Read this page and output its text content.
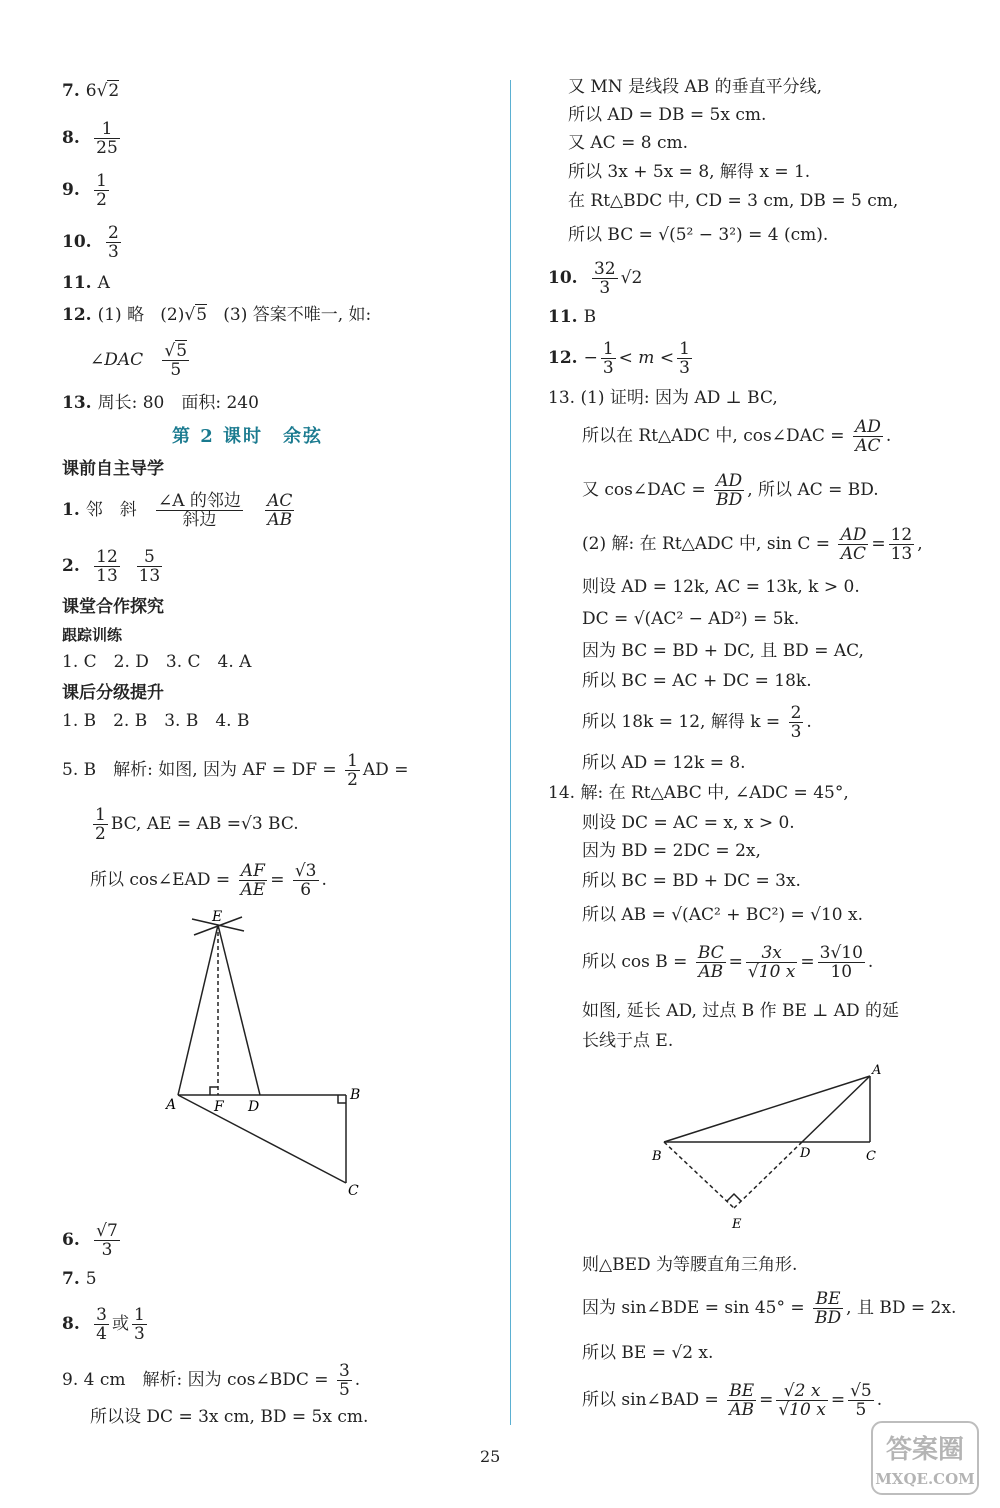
7. 6√2
8. $\frac{1}{25}$
9. $\frac{1}{2}$
10. $\frac{2}{3}$
11. A
12. (1) 略 (2)√5 (3) 答案不唯一, 如:
∠DAC $\frac{√5}{5}$
13. 周长: 80　面积: 240
第 2 课时　余弦
课前自主导学
1. 邻　斜 $\frac{\text{∠A 的邻边}}{\text{斜边}}$
$\frac{AC}{AB}$
2. $\frac{12}{13}$
$\frac{5}{13}$
课堂合作探究
跟踪训练
1. C　2. D　3. C　4. A
课后分级提升
1. B　2. B　3. B　4. B
5. B　解析: 如图, 因为 AF = DF = $\frac{1}{2}$ AD =
$\frac{1}{2}$ BC, AE = AB =√3 BC.
所以 cos∠EAD = $\frac{AF}{AE} = \frac{√3}{6}$ .
E
A	F D
B
C
6. $\frac{√7}{3}$
7. 5
8. $\frac{3}{4}$ 或 $\frac{1}{3}$
9. 4 cm　解析: 因为 cos∠BDC = $\frac{3}{5}$ .
所以设 DC = 3x cm, BD = 5x cm.
又 MN 是线段 AB 的垂直平分线,
所以 AD = DB = 5x cm.
又 AC = 8 cm.
所以 3x + 5x = 8, 解得 x = 1.
在 Rt△BDC 中, CD = 3 cm, DB = 5 cm,
所以 BC = √(5² − 3²) = 4 (cm).
10. $\frac{32}{3} √2$
11. B
12. − $\frac{1}{3} < m < \frac{1}{3}$
13. (1) 证明: 因为 AD ⊥ BC,
所以在 Rt△ADC 中, cos∠DAC = $\frac{AD}{AC}$ .
又 cos∠DAC = $\frac{AD}{BD}$ , 所以 AC = BD.
(2) 解: 在 Rt△ADC 中, $\sin C = \frac{AD}{AC} = \frac{12}{13}$ ,
则设 AD = 12k, AC = 13k, k > 0.
DC = √(AC² − AD²) = 5k.
因为 BC = BD + DC, 且 BD = AC,
所以 BC = AC + DC = 18k.
所以 18k = 12, 解得 $k = \frac{2}{3}$ .
所以 AD = 12k = 8.
14. 解: 在 Rt△ABC 中, ∠ADC = 45°,
则设 DC = AC = x, x > 0.
因为 BD = 2DC = 2x,
所以 BC = BD + DC = 3x.
所以 AB = √(AC² + BC²) = √10 x.
所以 $\cos B = \frac{BC}{AB} = \frac{3x}{√10 x} = \frac{3√10}{10}$ .
如图, 延长 AD, 过点 B 作 BE ⊥ AD 的延
长线于点 E.
A
B	D	C
E
则△BED 为等腰直角三角形.
因为 sin∠BDE = $\sin 45^\circ = \frac{BE}{BD}$ , 且 BD = 2x.
所以 BE = √2 x.
所以 sin∠BAD = $\frac{BE}{AB} = \frac{√2 x}{√10 x} = \frac{√5}{5}$ .
25	答案圈
MXQE.COM
